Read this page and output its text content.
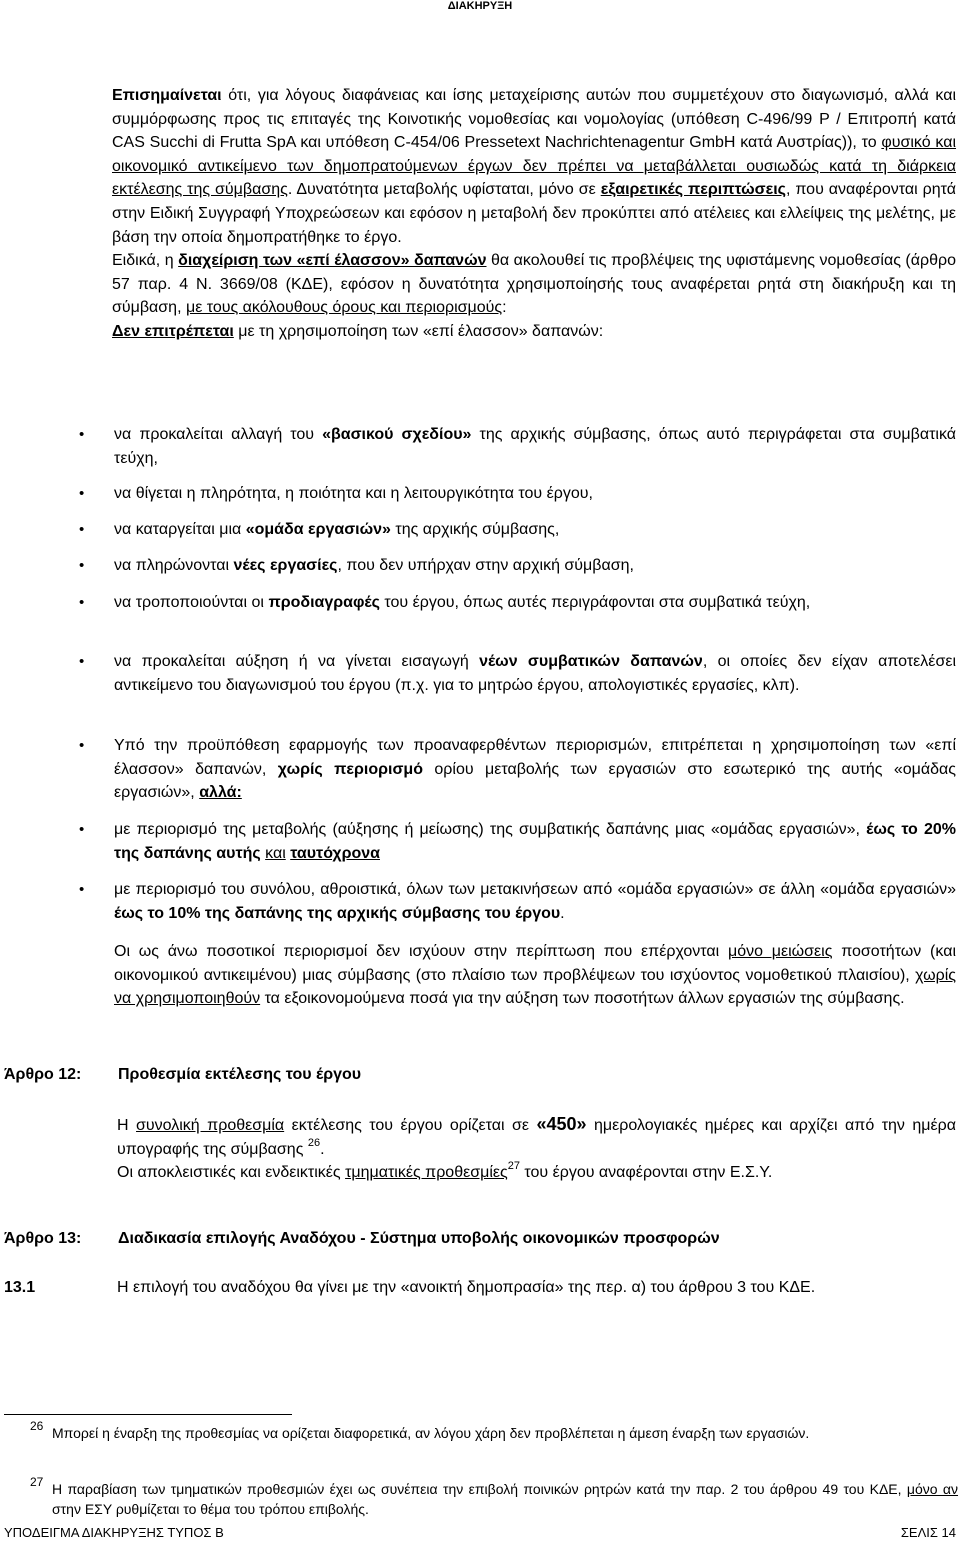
ΔΙΑΚΗΡΥΞΗ

Επισημαίνεται ότι, για λόγους διαφάνειας και ίσης μεταχείρισης αυτών που συμμετέχουν στο διαγωνισμό, αλλά και συμμόρφωσης προς τις επιταγές της Κοινοτικής νομοθεσίας και νομολογίας (υπόθεση C-496/99 P / Επιτροπή κατά CAS Succhi di Frutta SpA και υπόθεση C-454/06 Pressetext Nachrichtenagentur GmbH κατά Αυστρίας)), το φυσικό και οικονομικό αντικείμενο των δημοπρατούμενων έργων δεν πρέπει να μεταβάλλεται ουσιωδώς κατά τη διάρκεια εκτέλεσης της σύμβασης. Δυνατότητα μεταβολής υφίσταται, μόνο σε εξαιρετικές περιπτώσεις, που αναφέρονται ρητά στην Ειδική Συγγραφή Υποχρεώσεων και εφόσον η μεταβολή δεν προκύπτει από ατέλειες και ελλείψεις της μελέτης, με βάση την οποία δημοπρατήθηκε το έργο.

Ειδικά, η διαχείριση των «επί έλασσον» δαπανών θα ακολουθεί τις προβλέψεις της υφιστάμενης νομοθεσίας (άρθρο 57 παρ. 4 Ν. 3669/08 (ΚΔΕ), εφόσον η δυνατότητα χρησιμοποίησής τους αναφέρεται ρητά στη διακήρυξη και τη σύμβαση, με τους ακόλουθους όρους και περιορισμούς:

Δεν επιτρέπεται με τη χρησιμοποίηση των «επί έλασσον» δαπανών:

• να προκαλείται αλλαγή του «βασικού σχεδίου» της αρχικής σύμβασης, όπως αυτό περιγράφεται στα συμβατικά τεύχη,
• να θίγεται η πληρότητα, η ποιότητα και η λειτουργικότητα του έργου,
• να καταργείται μια «ομάδα εργασιών» της αρχικής σύμβασης,
• να πληρώνονται νέες εργασίες, που δεν υπήρχαν στην αρχική σύμβαση,
• να τροποποιούνται οι προδιαγραφές του έργου, όπως αυτές περιγράφονται στα συμβατικά τεύχη,
• να προκαλείται αύξηση ή να γίνεται εισαγωγή νέων συμβατικών δαπανών, οι οποίες δεν είχαν αποτελέσει αντικείμενο του διαγωνισμού του έργου (π.χ. για το μητρώο έργου, απολογιστικές εργασίες, κλπ).
• Υπό την προϋπόθεση εφαρμογής των προαναφερθέντων περιορισμών, επιτρέπεται η χρησιμοποίηση των «επί έλασσον» δαπανών, χωρίς περιορισμό ορίου μεταβολής των εργασιών στο εσωτερικό της αυτής «ομάδας εργασιών», αλλά:
• με περιορισμό της μεταβολής (αύξησης ή μείωσης) της συμβατικής δαπάνης μιας «ομάδας εργασιών», έως το 20% της δαπάνης αυτής και ταυτόχρονα
• με περιορισμό του συνόλου, αθροιστικά, όλων των μετακινήσεων από «ομάδα εργασιών» σε άλλη «ομάδα εργασιών» έως το 10% της δαπάνης της αρχικής σύμβασης του έργου.
Οι ως άνω ποσοτικοί περιορισμοί δεν ισχύουν στην περίπτωση που επέρχονται μόνο μειώσεις ποσοτήτων (και οικονομικού αντικειμένου) μιας σύμβασης (στο πλαίσιο των προβλέψεων του ισχύοντος νομοθετικού πλαισίου), χωρίς να χρησιμοποιηθούν τα εξοικονομούμενα ποσά για την αύξηση των ποσοτήτων άλλων εργασιών της σύμβασης.
Άρθρο 12: Προθεσμία εκτέλεσης του έργου

Η συνολική προθεσμία εκτέλεσης του έργου ορίζεται σε «450» ημερολογιακές ημέρες και αρχίζει από την ημέρα υπογραφής της σύμβασης $^{26}$.

Οι αποκλειστικές και ενδεικτικές τμηματικές προθεσμίες$^{27}$ του έργου αναφέρονται στην Ε.Σ.Υ.

Άρθρο 13: Διαδικασία επιλογής Αναδόχου - Σύστημα υποβολής οικονομικών προσφορών
13.1	Η επιλογή του αναδόχου θα γίνει με την «ανοικτή δημοπρασία» της περ. α) του άρθρου 3 του ΚΔΕ.
26 Μπορεί η έναρξη της προθεσμίας να ορίζεται διαφορετικά, αν λόγου χάρη δεν προβλέπεται η άμεση έναρξη των εργασιών.
27 Η παραβίαση των τμηματικών προθεσμιών έχει ως συνέπεια την επιβολή ποινικών ρητρών κατά την παρ. 2 του άρθρου 49 του ΚΔΕ, μόνο αν στην ΕΣΥ ρυθμίζεται το θέμα του τρόπου επιβολής.
ΥΠΟΔΕΙΓΜΑ ΔΙΑΚΗΡΥΞΗΣ ΤΥΠΟΣ Β	ΣΕΛΙΣ 14
